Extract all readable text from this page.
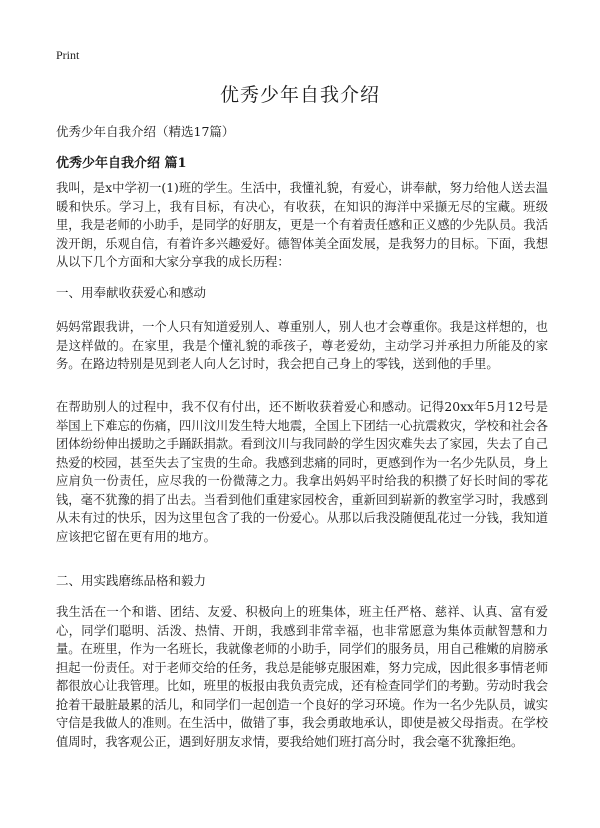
Print
优秀少年自我介绍

优秀少年自我介绍（精选17篇）

优秀少年自我介绍 篇1

我叫，是x中学初一(1)班的学生。生活中，我懂礼貌，有爱心，讲奉献，努力给他人送去温暖和快乐。学习上，我有目标，有决心，有收获，在知识的海洋中采撷无尽的宝藏。班级里，我是老师的小助手，是同学的好朋友，更是一个有着责任感和正义感的少先队员。我活泼开朗，乐观自信，有着许多兴趣爱好。德智体美全面发展，是我努力的目标。下面，我想从以下几个方面和大家分享我的成长历程：

一、用奉献收获爱心和感动

妈妈常跟我讲，一个人只有知道爱别人、尊重别人，别人也才会尊重你。我是这样想的，也是这样做的。在家里，我是个懂礼貌的乖孩子，尊老爱幼，主动学习并承担力所能及的家务。在路边特别是见到老人向人乞讨时，我会把自己身上的零钱，送到他的手里。

在帮助别人的过程中，我不仅有付出，还不断收获着爱心和感动。记得20xx年5月12号是举国上下难忘的伤痛，四川汶川发生特大地震，全国上下团结一心抗震救灾，学校和社会各团体纷纷伸出援助之手踊跃捐款。看到汶川与我同龄的学生因灾难失去了家园，失去了自己热爱的校园，甚至失去了宝贵的生命。我感到悲痛的同时，更感到作为一名少先队员，身上应肩负一份责任，应尽我的一份微薄之力。我拿出妈妈平时给我的积攒了好长时间的零花钱，毫不犹豫的捐了出去。当看到他们重建家园校舍，重新回到崭新的教室学习时，我感到从未有过的快乐，因为这里包含了我的一份爱心。从那以后我没随便乱花过一分钱，我知道应该把它留在更有用的地方。

二、用实践磨练品格和毅力

我生活在一个和谐、团结、友爱、积极向上的班集体，班主任严格、慈祥、认真、富有爱心，同学们聪明、活泼、热情、开朗，我感到非常幸福，也非常愿意为集体贡献智慧和力量。在班里，作为一名班长，我就像老师的小助手，同学们的服务员，用自己稚嫩的肩膀承担起一份责任。对于老师交给的任务，我总是能够克服困难，努力完成，因此很多事情老师都很放心让我管理。比如，班里的板报由我负责完成，还有检查同学们的考勤。劳动时我会抢着干最脏最累的活儿，和同学们一起创造一个良好的学习环境。作为一名少先队员，诚实守信是我做人的准则。在生活中，做错了事，我会勇敢地承认，即使是被父母指责。在学校值周时，我客观公正，遇到好朋友求情，要我给她们班打高分时，我会毫不犹豫拒绝。
